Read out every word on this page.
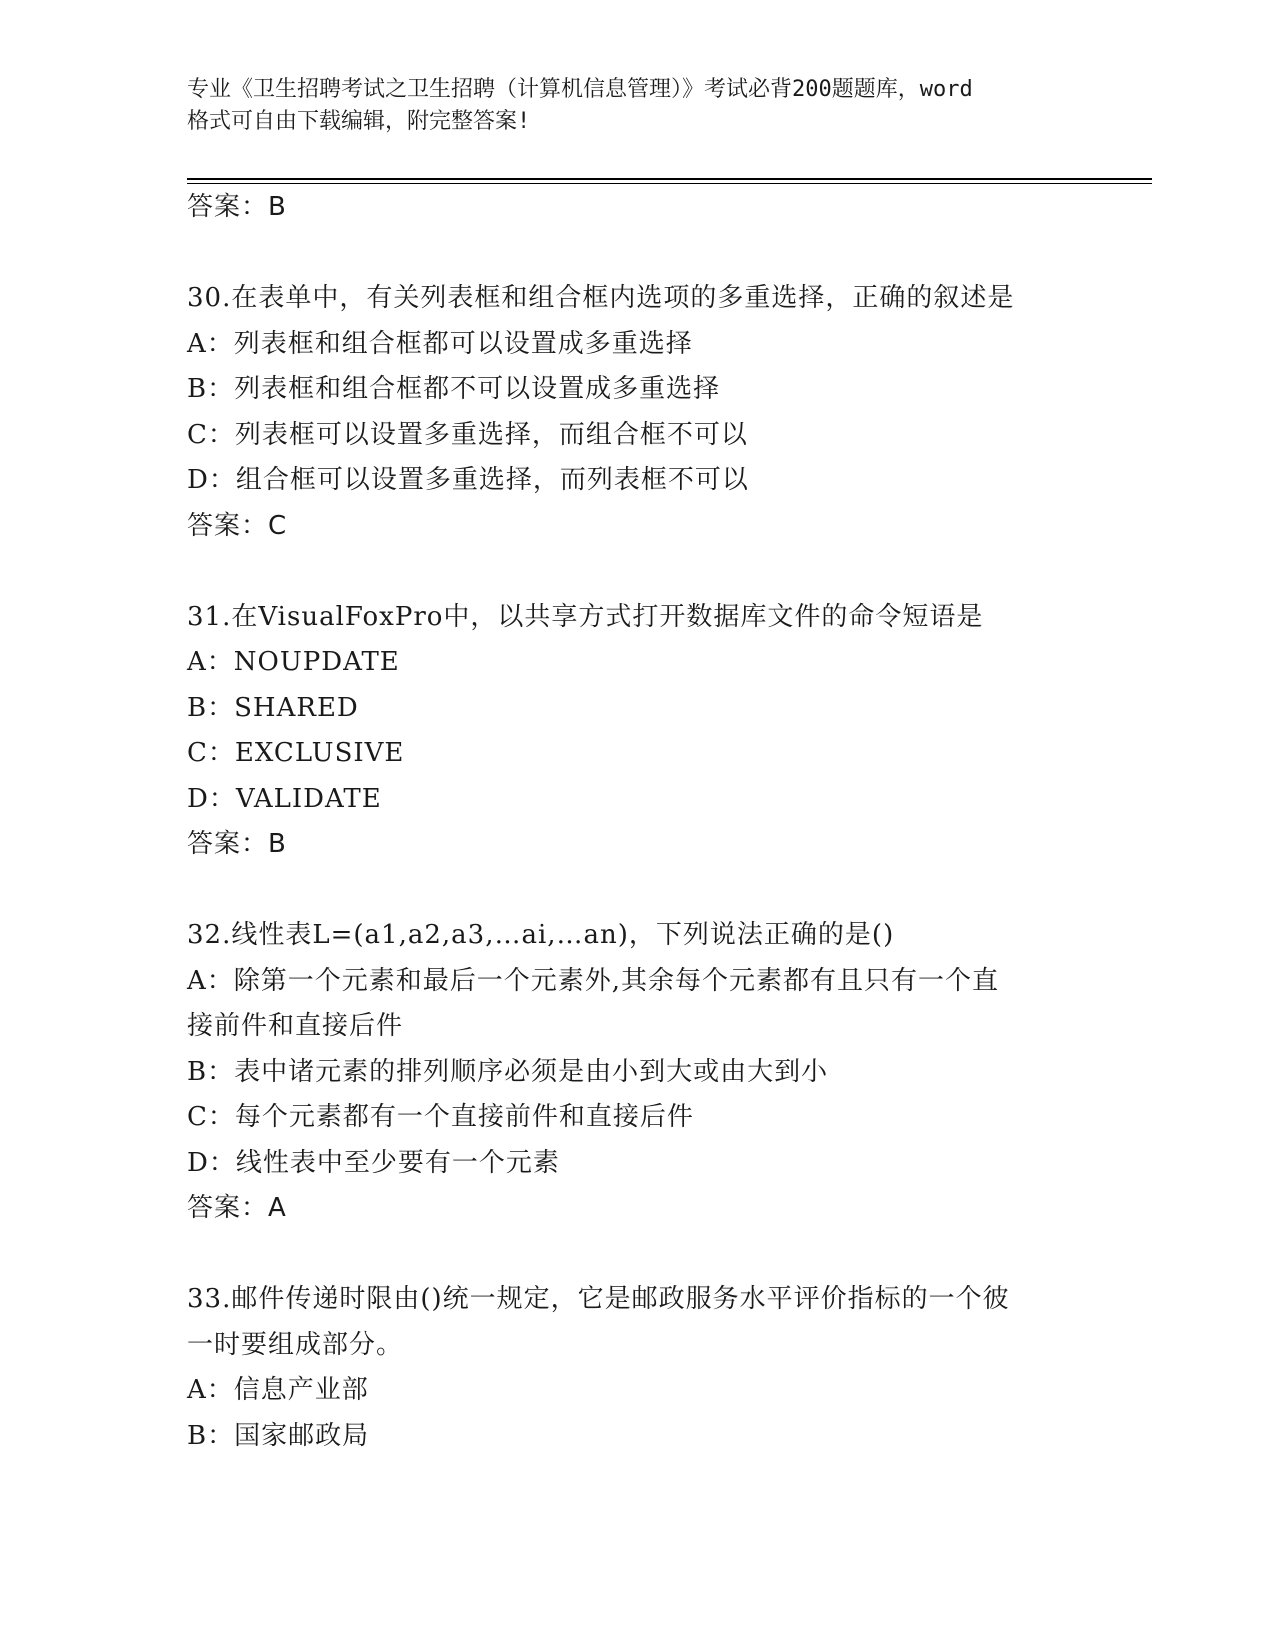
专业《卫生招聘考试之卫生招聘（计算机信息管理）》考试必背200题题库，word
格式可自由下载编辑，附完整答案!
答案：B
30.在表单中，有关列表框和组合框内选项的多重选择，正确的叙述是
A：列表框和组合框都可以设置成多重选择
B：列表框和组合框都不可以设置成多重选择
C：列表框可以设置多重选择，而组合框不可以
D：组合框可以设置多重选择，而列表框不可以
答案：C
31.在VisualFoxPro中，以共享方式打开数据库文件的命令短语是
A：NOUPDATE
B：SHARED
C：EXCLUSIVE
D：VALIDATE
答案：B
32.线性表L=(a1,a2,a3,…ai,…an)，下列说法正确的是()
A：除第一个元素和最后一个元素外,其余每个元素都有且只有一个直
接前件和直接后件
B：表中诸元素的排列顺序必须是由小到大或由大到小
C：每个元素都有一个直接前件和直接后件
D：线性表中至少要有一个元素
答案：A
33.邮件传递时限由()统一规定，它是邮政服务水平评价指标的一个彼
一时要组成部分。
A：信息产业部
B：国家邮政局
